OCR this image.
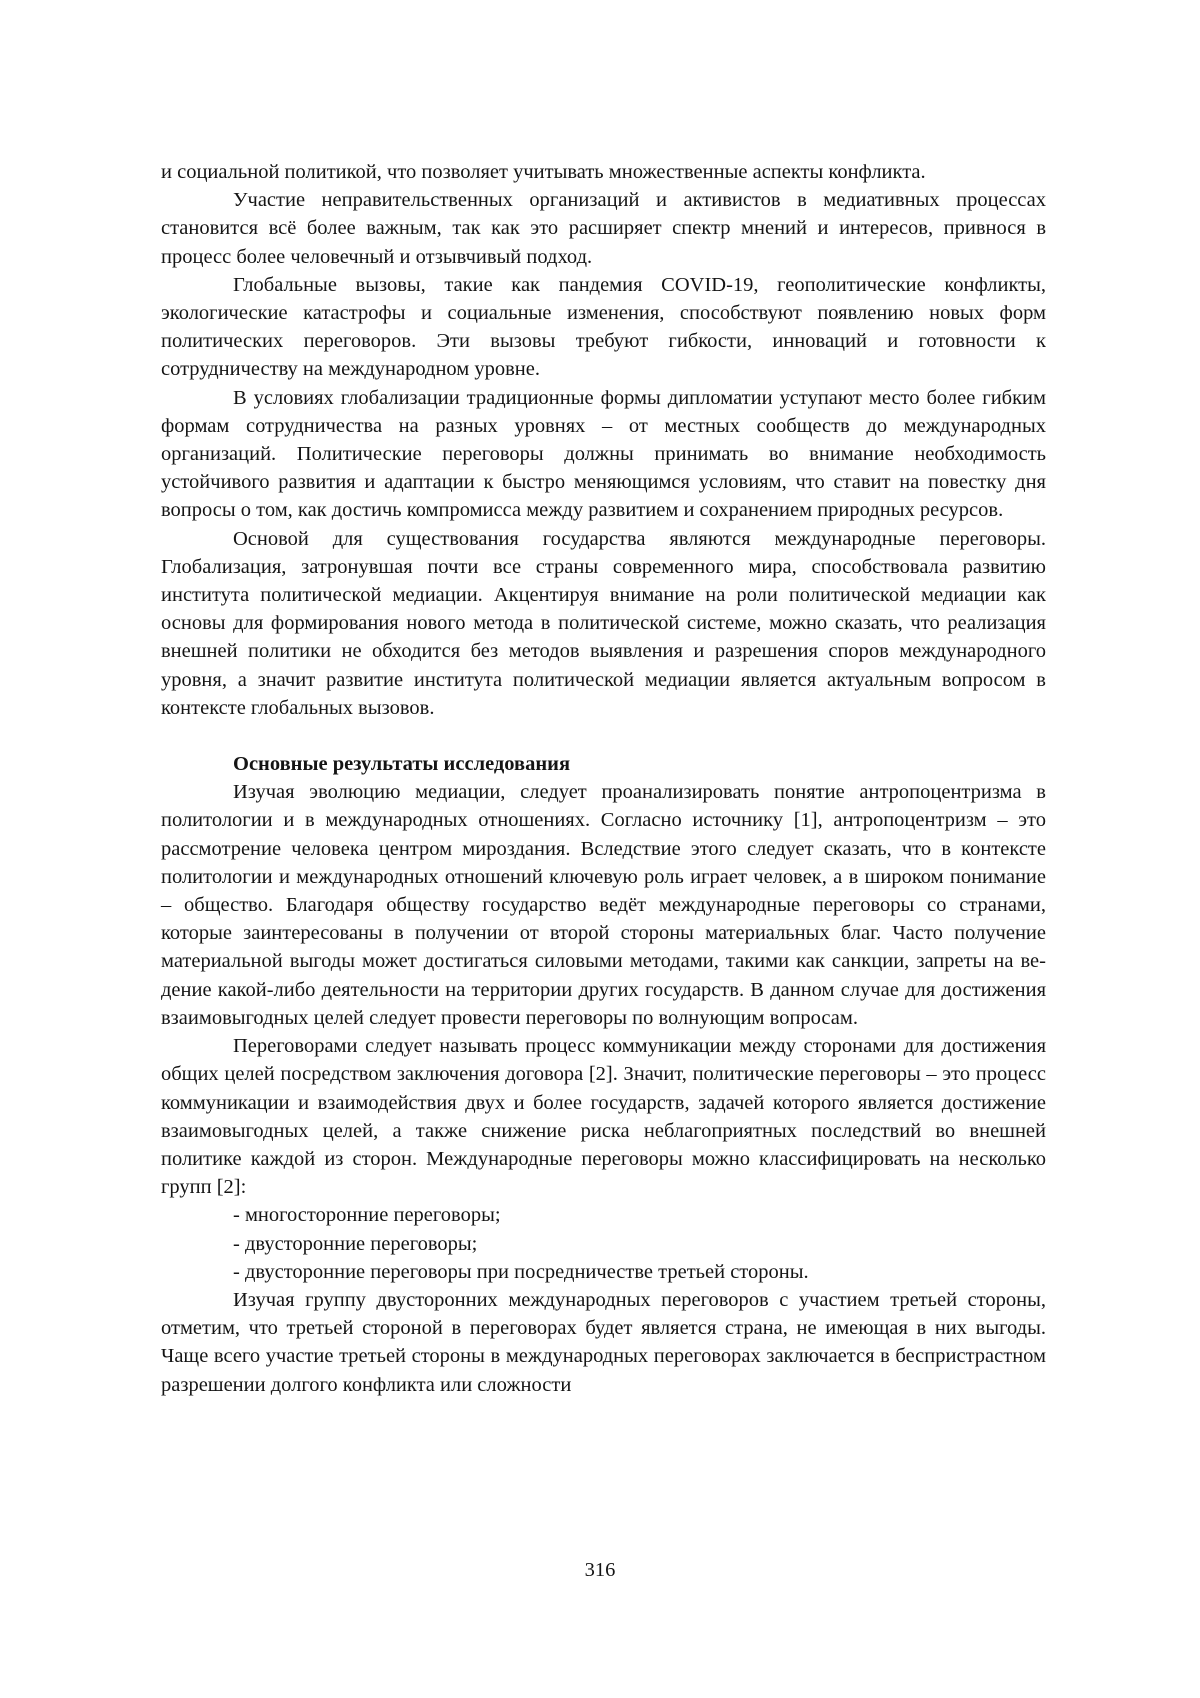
и социальной политикой, что позволяет учитывать множественные аспекты конфликта.

Участие неправительственных организаций и активистов в медиативных процессах становится всё более важным, так как это расширяет спектр мнений и интересов, привнося в процесс более человечный и отзывчивый подход.

Глобальные вызовы, такие как пандемия COVID-19, геополитические конфликты, экологические катастрофы и социальные изменения, способствуют появлению новых форм политических переговоров. Эти вызовы требуют гибкости, инноваций и готовности к сотрудничеству на международном уровне.

В условиях глобализации традиционные формы дипломатии уступают место более гибким формам сотрудничества на разных уровнях – от местных сообществ до международных организаций. Политические переговоры должны принимать во внимание необходимость устойчивого развития и адаптации к быстро меняющимся условиям, что ставит на повестку дня вопросы о том, как достичь компромисса между развитием и сохранением природных ресурсов.

Основой для существования государства являются международные переговоры. Глобализация, затронувшая почти все страны современного мира, способствовала развитию института политической медиации. Акцентируя внимание на роли политической медиации как основы для формирования нового метода в политической системе, можно сказать, что реализация внешней политики не обходится без методов выявления и разрешения споров международного уровня, а значит развитие института политической медиации является актуальным вопросом в контексте глобальных вызовов.

Основные результаты исследования

Изучая эволюцию медиации, следует проанализировать понятие антропоцентризма в политологии и в международных отношениях. Согласно источнику [1], антропоцентризм – это рассмотрение человека центром мироздания. Вследствие этого следует сказать, что в контексте политологии и международных отношений ключевую роль играет человек, а в широком понимание – общество. Благодаря обществу государство ведёт международные переговоры со странами, которые заинтересованы в получении от второй стороны материальных благ. Часто получение материальной выгоды может достигаться силовыми методами, такими как санкции, запреты на ведение какой-либо деятельности на территории других государств. В данном случае для достижения взаимовыгодных целей следует провести переговоры по волнующим вопросам.

Переговорами следует называть процесс коммуникации между сторонами для достижения общих целей посредством заключения договора [2]. Значит, политические переговоры – это процесс коммуникации и взаимодействия двух и более государств, задачей которого является достижение взаимовыгодных целей, а также снижение риска неблагоприятных последствий во внешней политике каждой из сторон. Международные переговоры можно классифицировать на несколько групп [2]:

- многосторонние переговоры;

- двусторонние переговоры;

- двусторонние переговоры при посредничестве третьей стороны.

Изучая группу двусторонних международных переговоров с участием третьей стороны, отметим, что третьей стороной в переговорах будет является страна, не имеющая в них выгоды. Чаще всего участие третьей стороны в международных переговорах заключается в беспристрастном разрешении долгого конфликта или сложности

316
